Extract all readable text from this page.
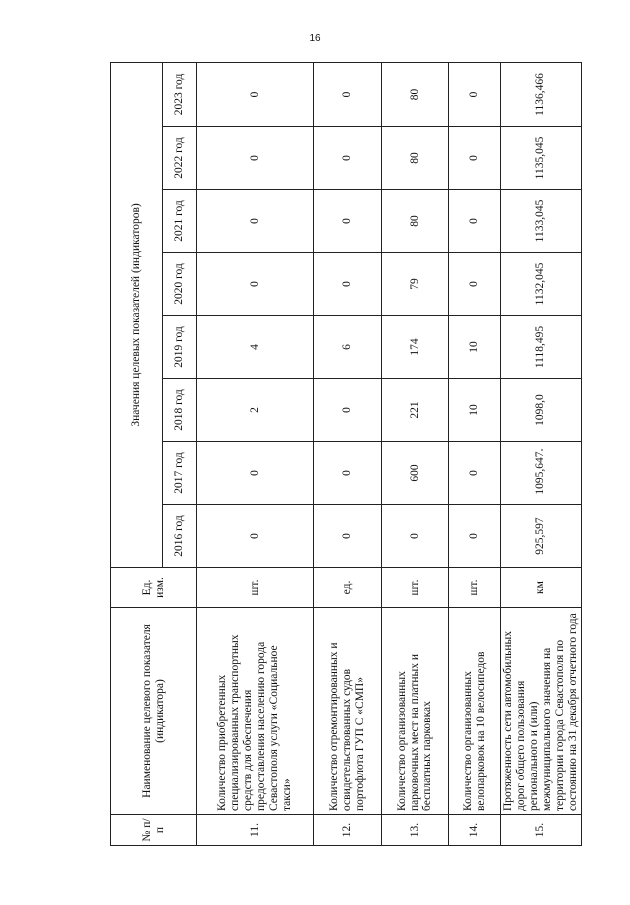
16
№ п/п	Наименование целевого показателя (индикатора)	Ед. изм.	Значения целевых показателей (индикаторов)							
			2016 год	2017 год	2018 год	2019 год	2020 год	2021 год	2022 год	2023 год
11.	Количество приобретенных специализированных транспортных средств для обеспечения предоставления населению города Севастополя услуги «Социальное такси»	шт.	0	0	2	4	0	0	0	0
12.	Количество отремонтированных и освидетельствованных судов портофлота ГУП С «СМП»	ед.	0	0	0	6	0	0	0	0
13.	Количество организованных парковочных мест на платных и бесплатных парковках	шт.	0	600	221	174	79	80	80	80
14.	Количество организованных велопарковок на 10 велосипедов	шт.	0	0	10	10	0	0	0	0
15.	Протяженность сети автомобильных дорог общего пользования регионального и (или) межмуниципального значения на территории города Севастополя по состоянию на 31 декабря отчетного года	км	925,597	1095,647	1098,0	1118,495	1132,045	1133,045	1135,045	1136,466
